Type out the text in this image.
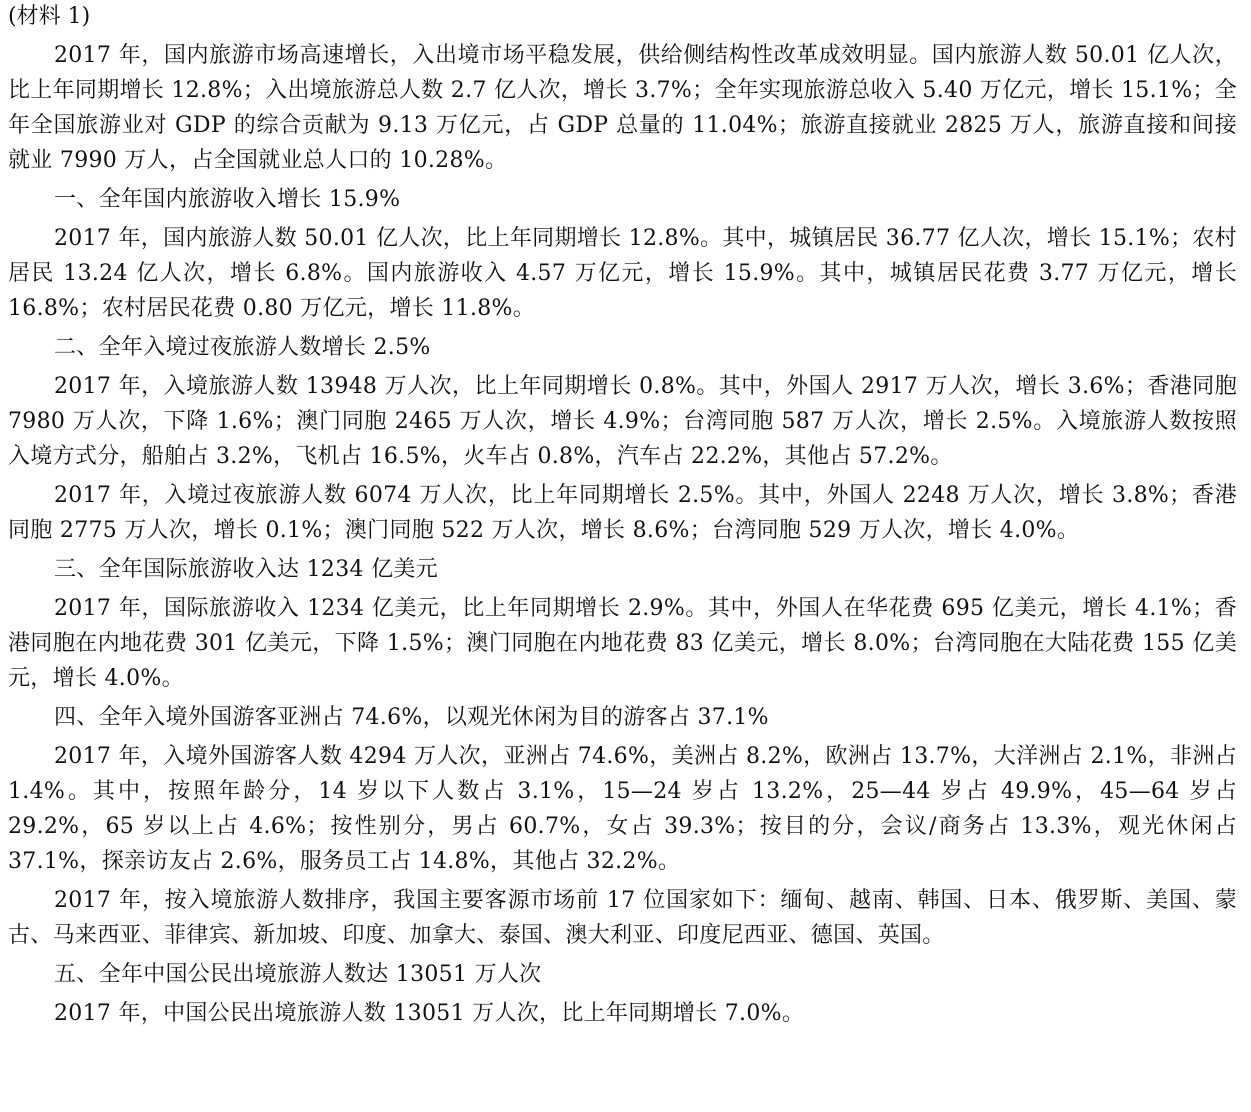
(材料 1)

2017 年，国内旅游市场高速增长，入出境市场平稳发展，供给侧结构性改革成效明显。国内旅游人数 50.01 亿人次，比上年同期增长 12.8%；入出境旅游总人数 2.7 亿人次，增长 3.7%；全年实现旅游总收入 5.40 万亿元，增长 15.1%；全年全国旅游业对 GDP 的综合贡献为 9.13 万亿元，占 GDP 总量的 11.04%；旅游直接就业 2825 万人，旅游直接和间接就业 7990 万人，占全国就业总人口的 10.28%。

一、全年国内旅游收入增长 15.9%

2017 年，国内旅游人数 50.01 亿人次，比上年同期增长 12.8%。其中，城镇居民 36.77 亿人次，增长 15.1%；农村居民 13.24 亿人次，增长 6.8%。国内旅游收入 4.57 万亿元，增长 15.9%。其中，城镇居民花费 3.77 万亿元，增长 16.8%；农村居民花费 0.80 万亿元，增长 11.8%。

二、全年入境过夜旅游人数增长 2.5%

2017 年，入境旅游人数 13948 万人次，比上年同期增长 0.8%。其中，外国人 2917 万人次，增长 3.6%；香港同胞 7980 万人次，下降 1.6%；澳门同胞 2465 万人次，增长 4.9%；台湾同胞 587 万人次，增长 2.5%。入境旅游人数按照入境方式分，船舶占 3.2%，飞机占 16.5%，火车占 0.8%，汽车占 22.2%，其他占 57.2%。

2017 年，入境过夜旅游人数 6074 万人次，比上年同期增长 2.5%。其中，外国人 2248 万人次，增长 3.8%；香港同胞 2775 万人次，增长 0.1%；澳门同胞 522 万人次，增长 8.6%；台湾同胞 529 万人次，增长 4.0%。

三、全年国际旅游收入达 1234 亿美元

2017 年，国际旅游收入 1234 亿美元，比上年同期增长 2.9%。其中，外国人在华花费 695 亿美元，增长 4.1%；香港同胞在内地花费 301 亿美元，下降 1.5%；澳门同胞在内地花费 83 亿美元，增长 8.0%；台湾同胞在大陆花费 155 亿美元，增长 4.0%。

四、全年入境外国游客亚洲占 74.6%，以观光休闲为目的游客占 37.1%

2017 年，入境外国游客人数 4294 万人次，亚洲占 74.6%，美洲占 8.2%，欧洲占 13.7%，大洋洲占 2.1%，非洲占 1.4%。其中，按照年龄分，14 岁以下人数占 3.1%，15—24 岁占 13.2%，25—44 岁占 49.9%，45—64 岁占 29.2%，65 岁以上占 4.6%；按性别分，男占 60.7%，女占 39.3%；按目的分，会议/商务占 13.3%，观光休闲占 37.1%，探亲访友占 2.6%，服务员工占 14.8%，其他占 32.2%。

2017 年，按入境旅游人数排序，我国主要客源市场前 17 位国家如下：缅甸、越南、韩国、日本、俄罗斯、美国、蒙古、马来西亚、菲律宾、新加坡、印度、加拿大、泰国、澳大利亚、印度尼西亚、德国、英国。

五、全年中国公民出境旅游人数达 13051 万人次

2017 年，中国公民出境旅游人数 13051 万人次，比上年同期增长 7.0%。
